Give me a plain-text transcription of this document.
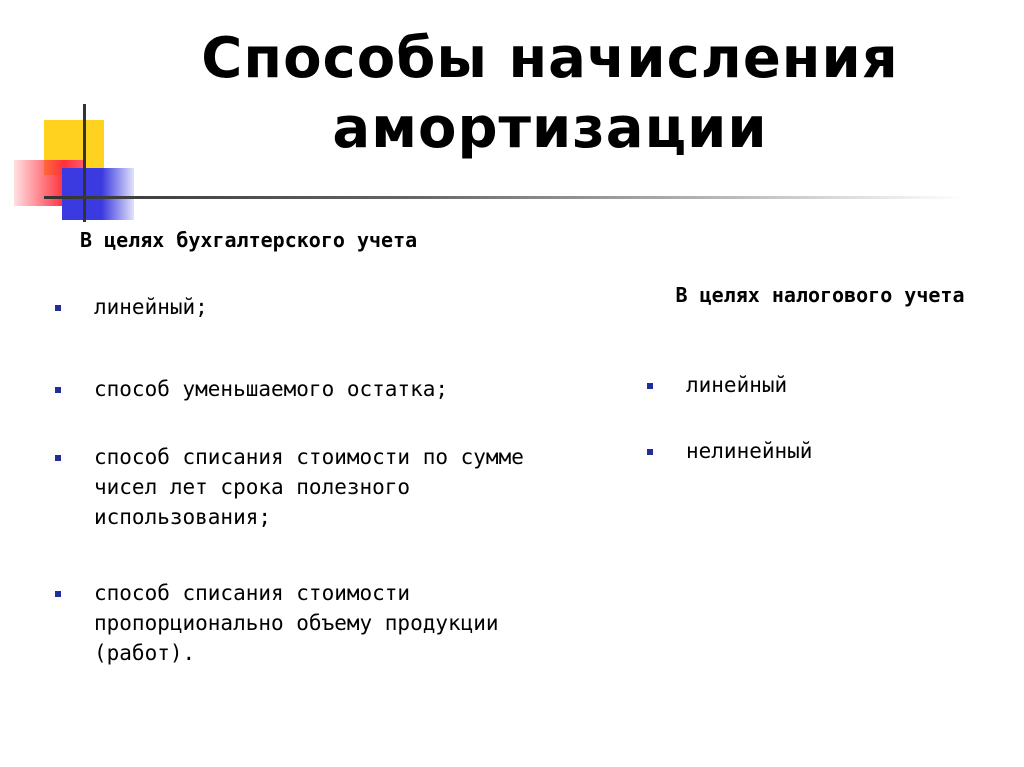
Способы начисления амортизации
В целях бухгалтерского учета
линейный;
способ уменьшаемого остатка;
способ списания стоимости по сумме чисел лет срока полезного использования;
способ списания стоимости пропорционально объему продукции (работ).
В целях налогового учета
линейный
нелинейный
